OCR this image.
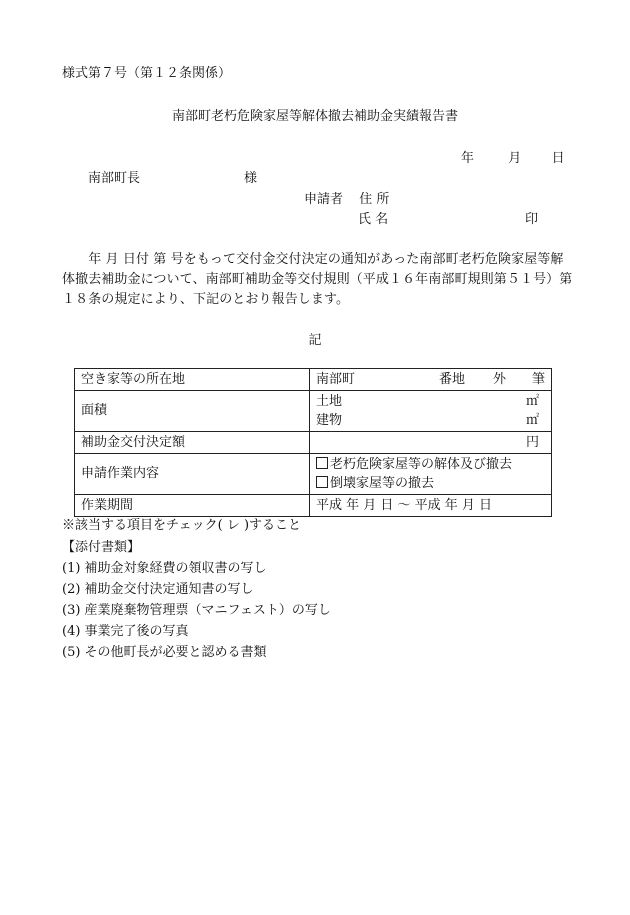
様式第７号（第１２条関係）
南部町老朽危険家屋等解体撤去補助金実績報告書
年	月 日
南部町長	様
申請者 住 所
氏 名	印
　　年 月 日付 第 号をもって交付金交付決定の通知があった南部町老朽危険家屋等解体撤去補助金について、南部町補助金等交付規則（平成１６年南部町規則第５１号）第１８条の規定により、下記のとおり報告します。
記
空き家等の所在地	南部町 番地 外 筆

面積	土地 ㎡
建物 ㎡

補助金交付決定額	円

申請作業内容	老朽危険家屋等の解体及び撤去
倒壊家屋等の撤去

作業期間	平成 年 月 日 〜 平成 年 月 日
※該当する項目をチェック( レ )すること
【添付書類】
(1) 補助金対象経費の領収書の写し
(2) 補助金交付決定通知書の写し
(3) 産業廃棄物管理票（マニフェスト）の写し
(4) 事業完了後の写真
(5) その他町長が必要と認める書類
